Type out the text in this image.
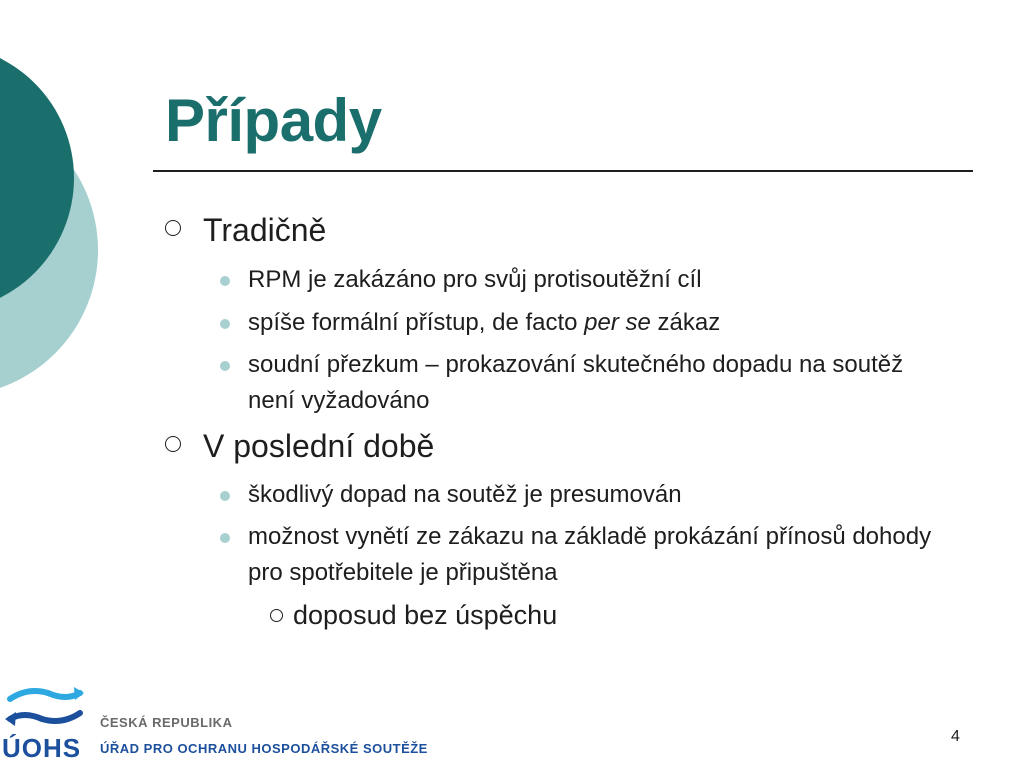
Případy
Tradičně
RPM je zakázáno pro svůj protisoutěžní cíl
spíše formální přístup, de facto per se zákaz
soudní přezkum – prokazování skutečného dopadu na soutěž není vyžadováno
V poslední době
škodlivý dopad na soutěž je presumován
možnost vynětí ze zákazu na základě prokázání přínosů dohody pro spotřebitele je připuštěna
doposud bez úspěchu
ÚOHS
ČESKÁ REPUBLIKA
ÚŘAD PRO OCHRANU HOSPODÁŘSKÉ SOUTĚŽE
4
